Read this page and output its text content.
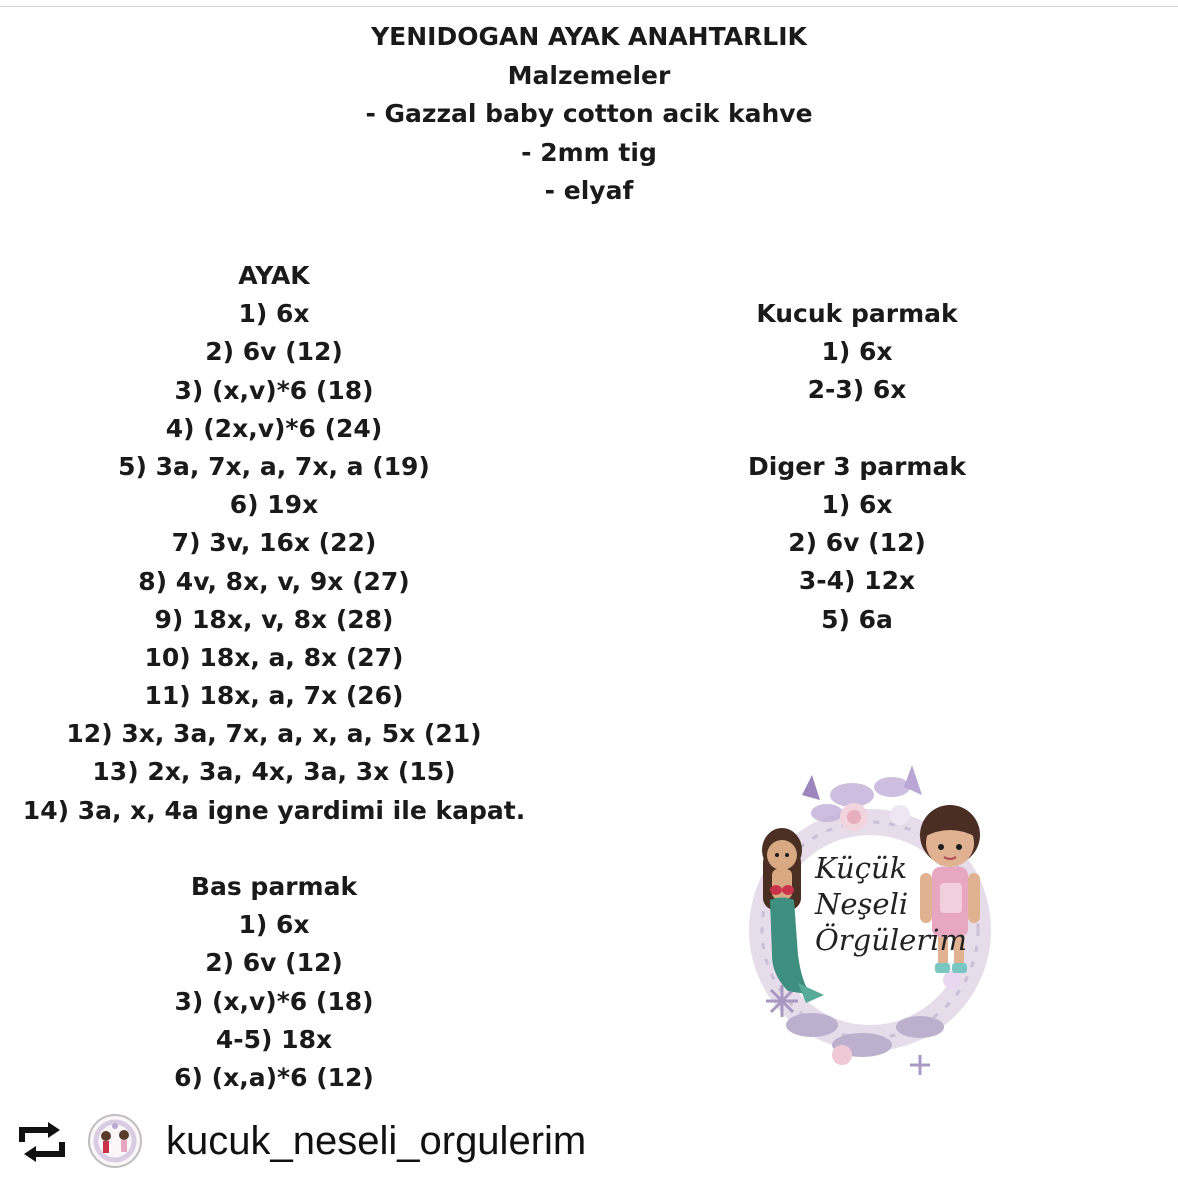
YENIDOGAN AYAK ANAHTARLIK
Malzemeler
- Gazzal baby cotton acik kahve
- 2mm tig
- elyaf
AYAK
1) 6x
2) 6v (12)
3) (x,v)*6 (18)
4) (2x,v)*6 (24)
5) 3a, 7x, a, 7x, a (19)
6) 19x
7) 3v, 16x (22)
8) 4v, 8x, v, 9x (27)
9) 18x, v, 8x (28)
10) 18x, a, 8x (27)
11) 18x, a, 7x (26)
12) 3x, 3a, 7x, a, x, a, 5x (21)
13) 2x, 3a, 4x, 3a, 3x (15)
14) 3a, x, 4a igne yardimi ile kapat.
Bas parmak
1) 6x
2) 6v (12)
3) (x,v)*6 (18)
4-5) 18x
6) (x,a)*6 (12)
Kucuk parmak
1) 6x
2-3) 6x
Diger 3 parmak
1) 6x
2) 6v (12)
3-4) 12x
5) 6a
Küçük
Neşeli
Örgülerim
kucuk_neseli_orgulerim
